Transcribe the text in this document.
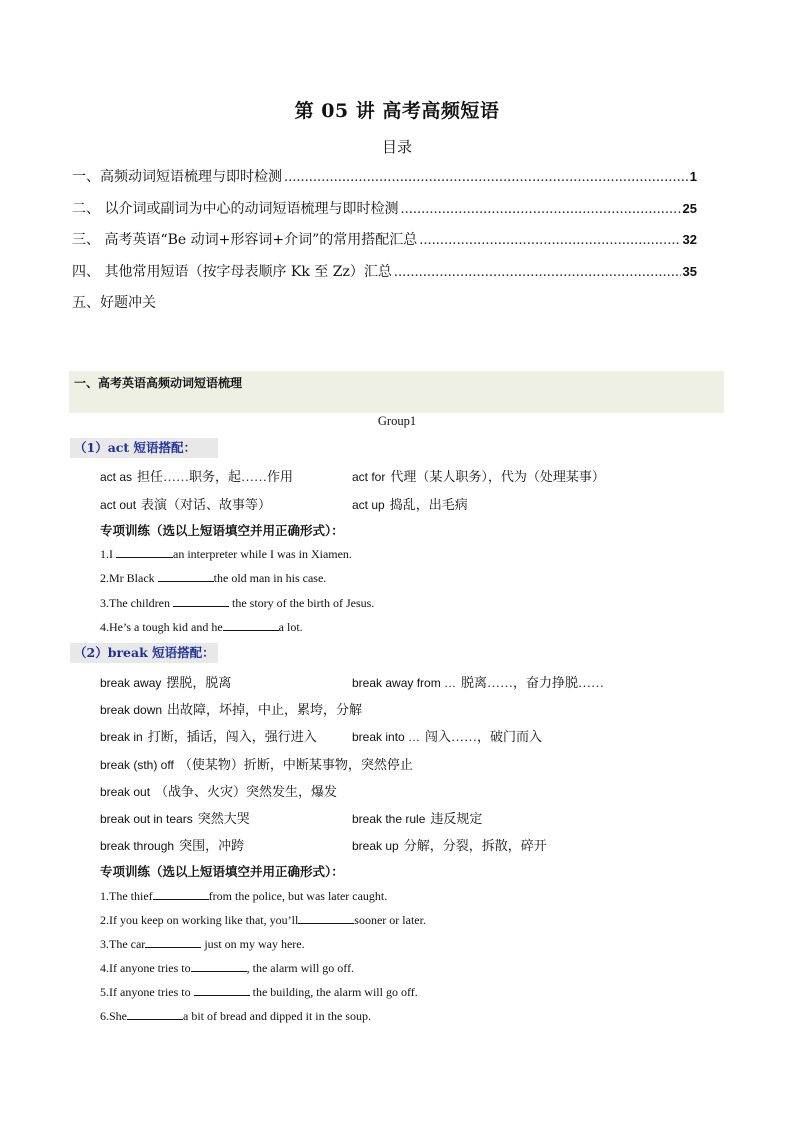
第 05 讲 高考高频短语
目录
一、高频动词短语梳理与即时检测 .....	1
二、 以介词或副词为中心的动词短语梳理与即时检测 .....	25
三、 高考英语“Be 动词+形容词+介词”的常用搭配汇总 .....	32
四、 其他常用短语（按字母表顺序 Kk 至 Zz）汇总 .....	35
五、好题冲关
一、高考英语高频动词短语梳理
Group1
（1）act 短语搭配：
act as 担任……职务，起……作用	act for 代理（某人职务），代为（处理某事）
act out 表演（对话、故事等）	act up 捣乱，出毛病
专项训练（选以上短语填空并用正确形式）：
1.I	an interpreter while I was in Xiamen.
2.Mr Black	the old man in his case.
3.The children	the story of the birth of Jesus.
4.He’s a tough kid and he	a lot.
（2）break 短语搭配：
break away 摆脱，脱离	break away from … 脱离……，奋力挣脱……
break down 出故障，坏掉，中止，累垮，分解
break in 打断，插话，闯入，强行进入	break into … 闯入……，破门而入
break (sth) off （使某物）折断，中断某事物，突然停止
break out （战争、火灾）突然发生，爆发
break out in tears 突然大哭	break the rule 违反规定
break through 突围，冲跨	break up 分解，分裂，拆散，碎开
专项训练（选以上短语填空并用正确形式）：
1.The thief	from the police, but was later caught.
2.If you keep on working like that, you’ll	sooner or later.
3.The car	just on my way here.
4.If anyone tries to	, the alarm will go off.
5.If anyone tries to	the building, the alarm will go off.
6.She	a bit of bread and dipped it in the soup.
